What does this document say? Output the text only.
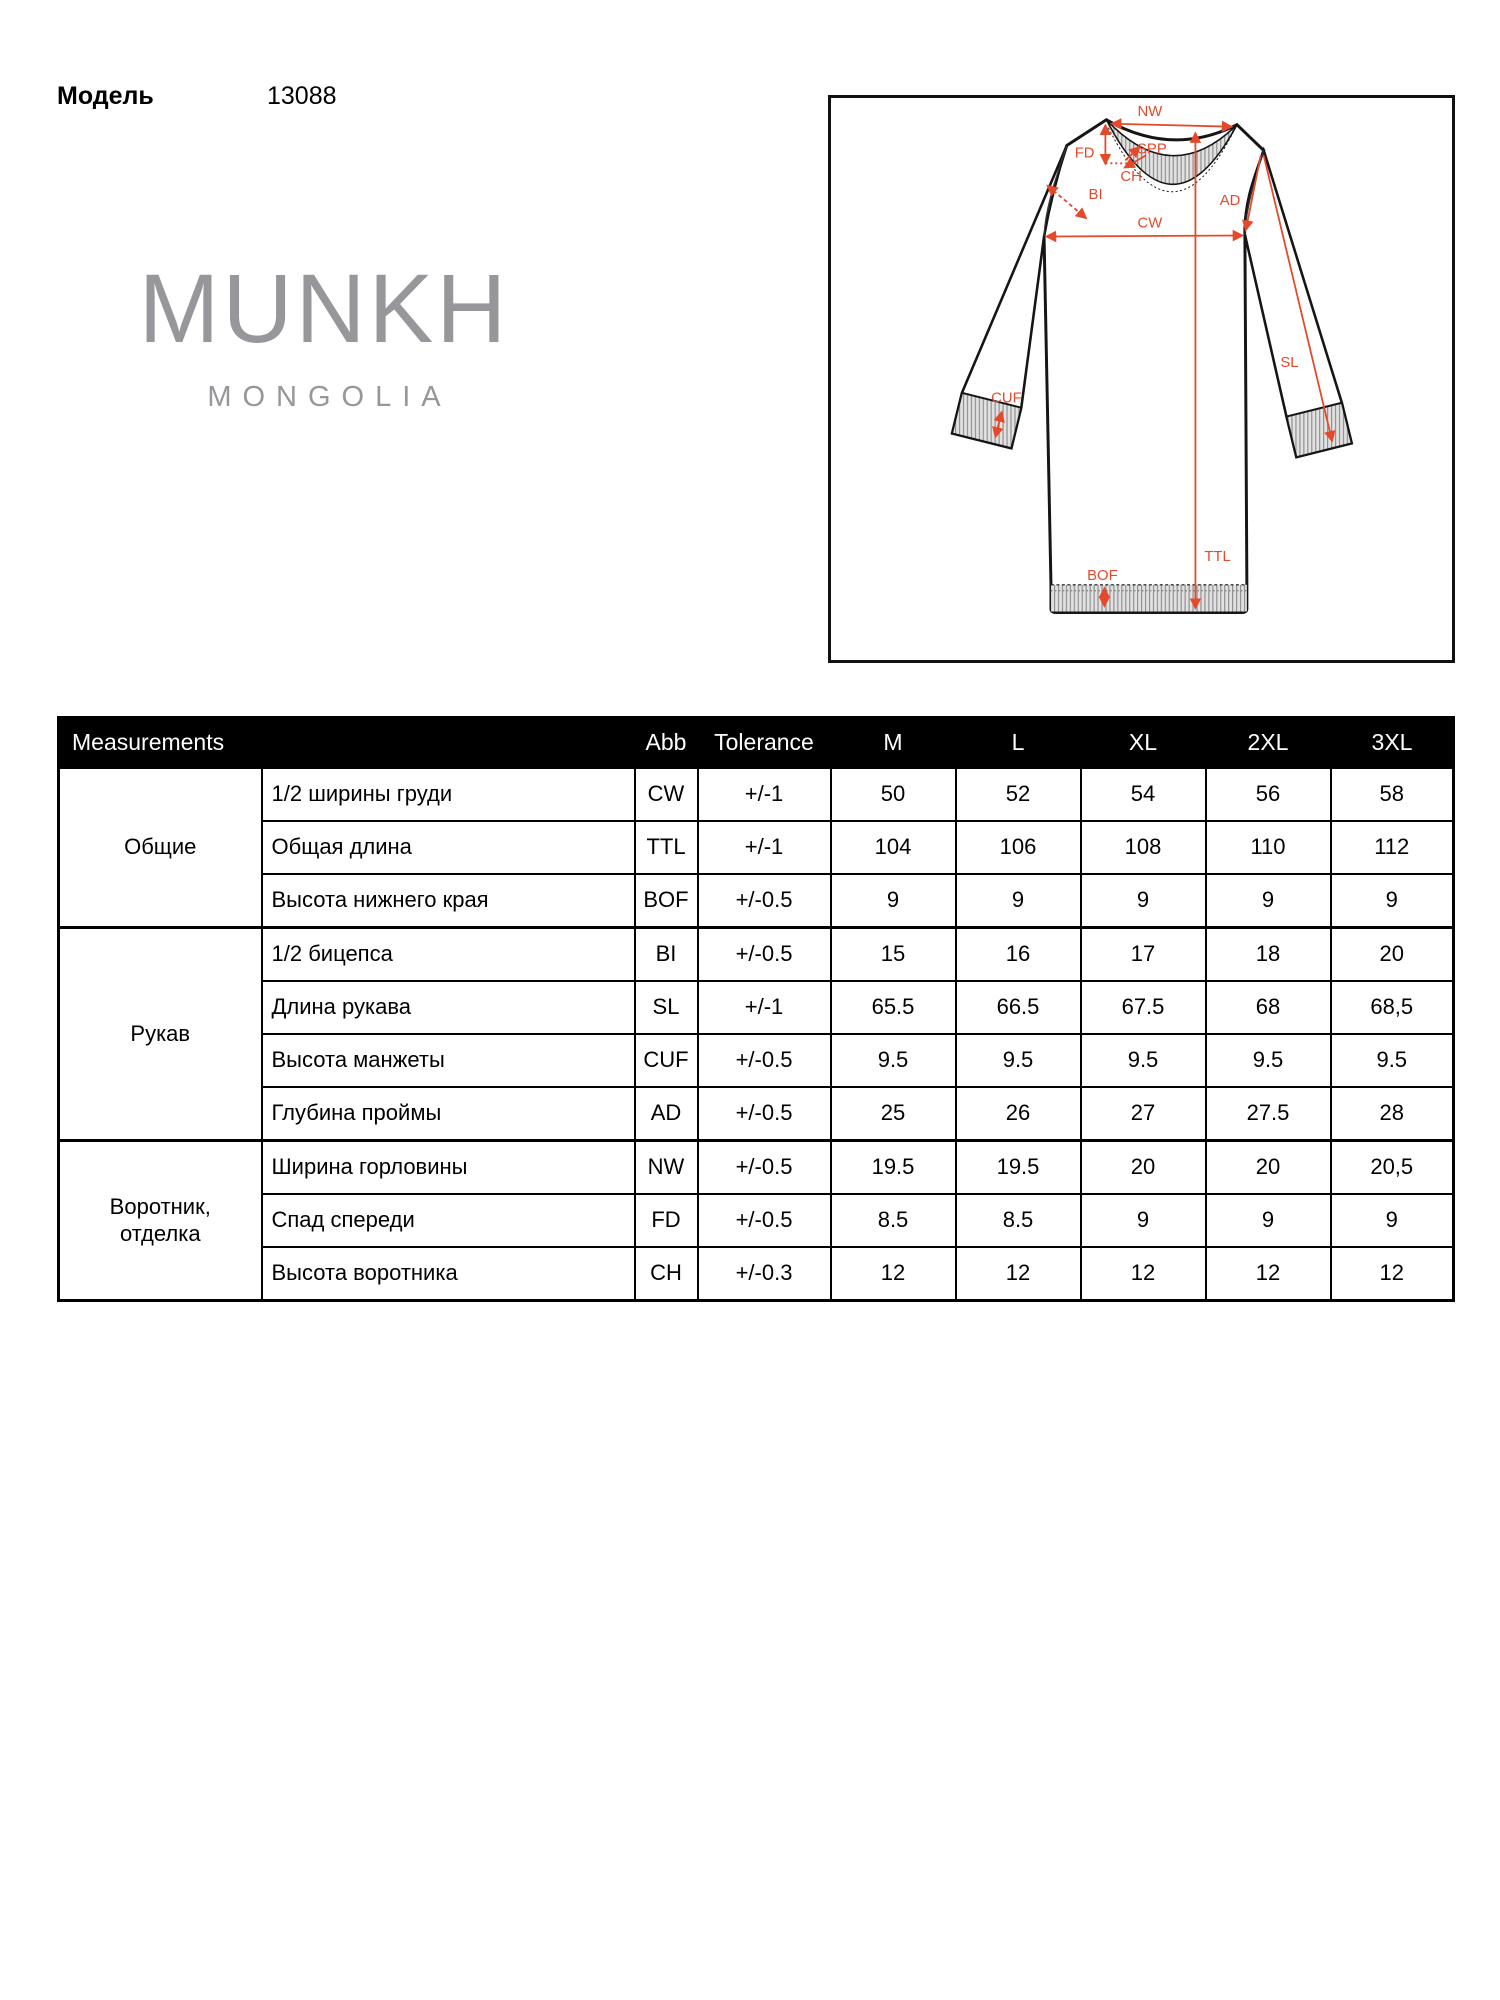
Модель	13088
MUNKH
MONGOLIA
NW
SPP
FD
CH
BI
CW
AD
SL
TTL
BOF
CUF
Measurements		Abb	Tolerance	M	L	XL	2XL	3XL
Общие	1/2 ширины груди	CW	+/-1	50	52	54	56	58
	Общая длина	TTL	+/-1	104	106	108	110	112
	Высота нижнего края	BOF	+/-0.5	9	9	9	9	9
Рукав	1/2 бицепса	BI	+/-0.5	15	16	17	18	20
	Длина рукава	SL	+/-1	65.5	66.5	67.5	68	68,5
	Высота манжеты	CUF	+/-0.5	9.5	9.5	9.5	9.5	9.5
	Глубина проймы	AD	+/-0.5	25	26	27	27.5	28
Воротник, отделка	Ширина горловины	NW	+/-0.5	19.5	19.5	20	20	20,5
	Спад спереди	FD	+/-0.5	8.5	8.5	9	9	9
	Высота воротника	CH	+/-0.3	12	12	12	12	12
